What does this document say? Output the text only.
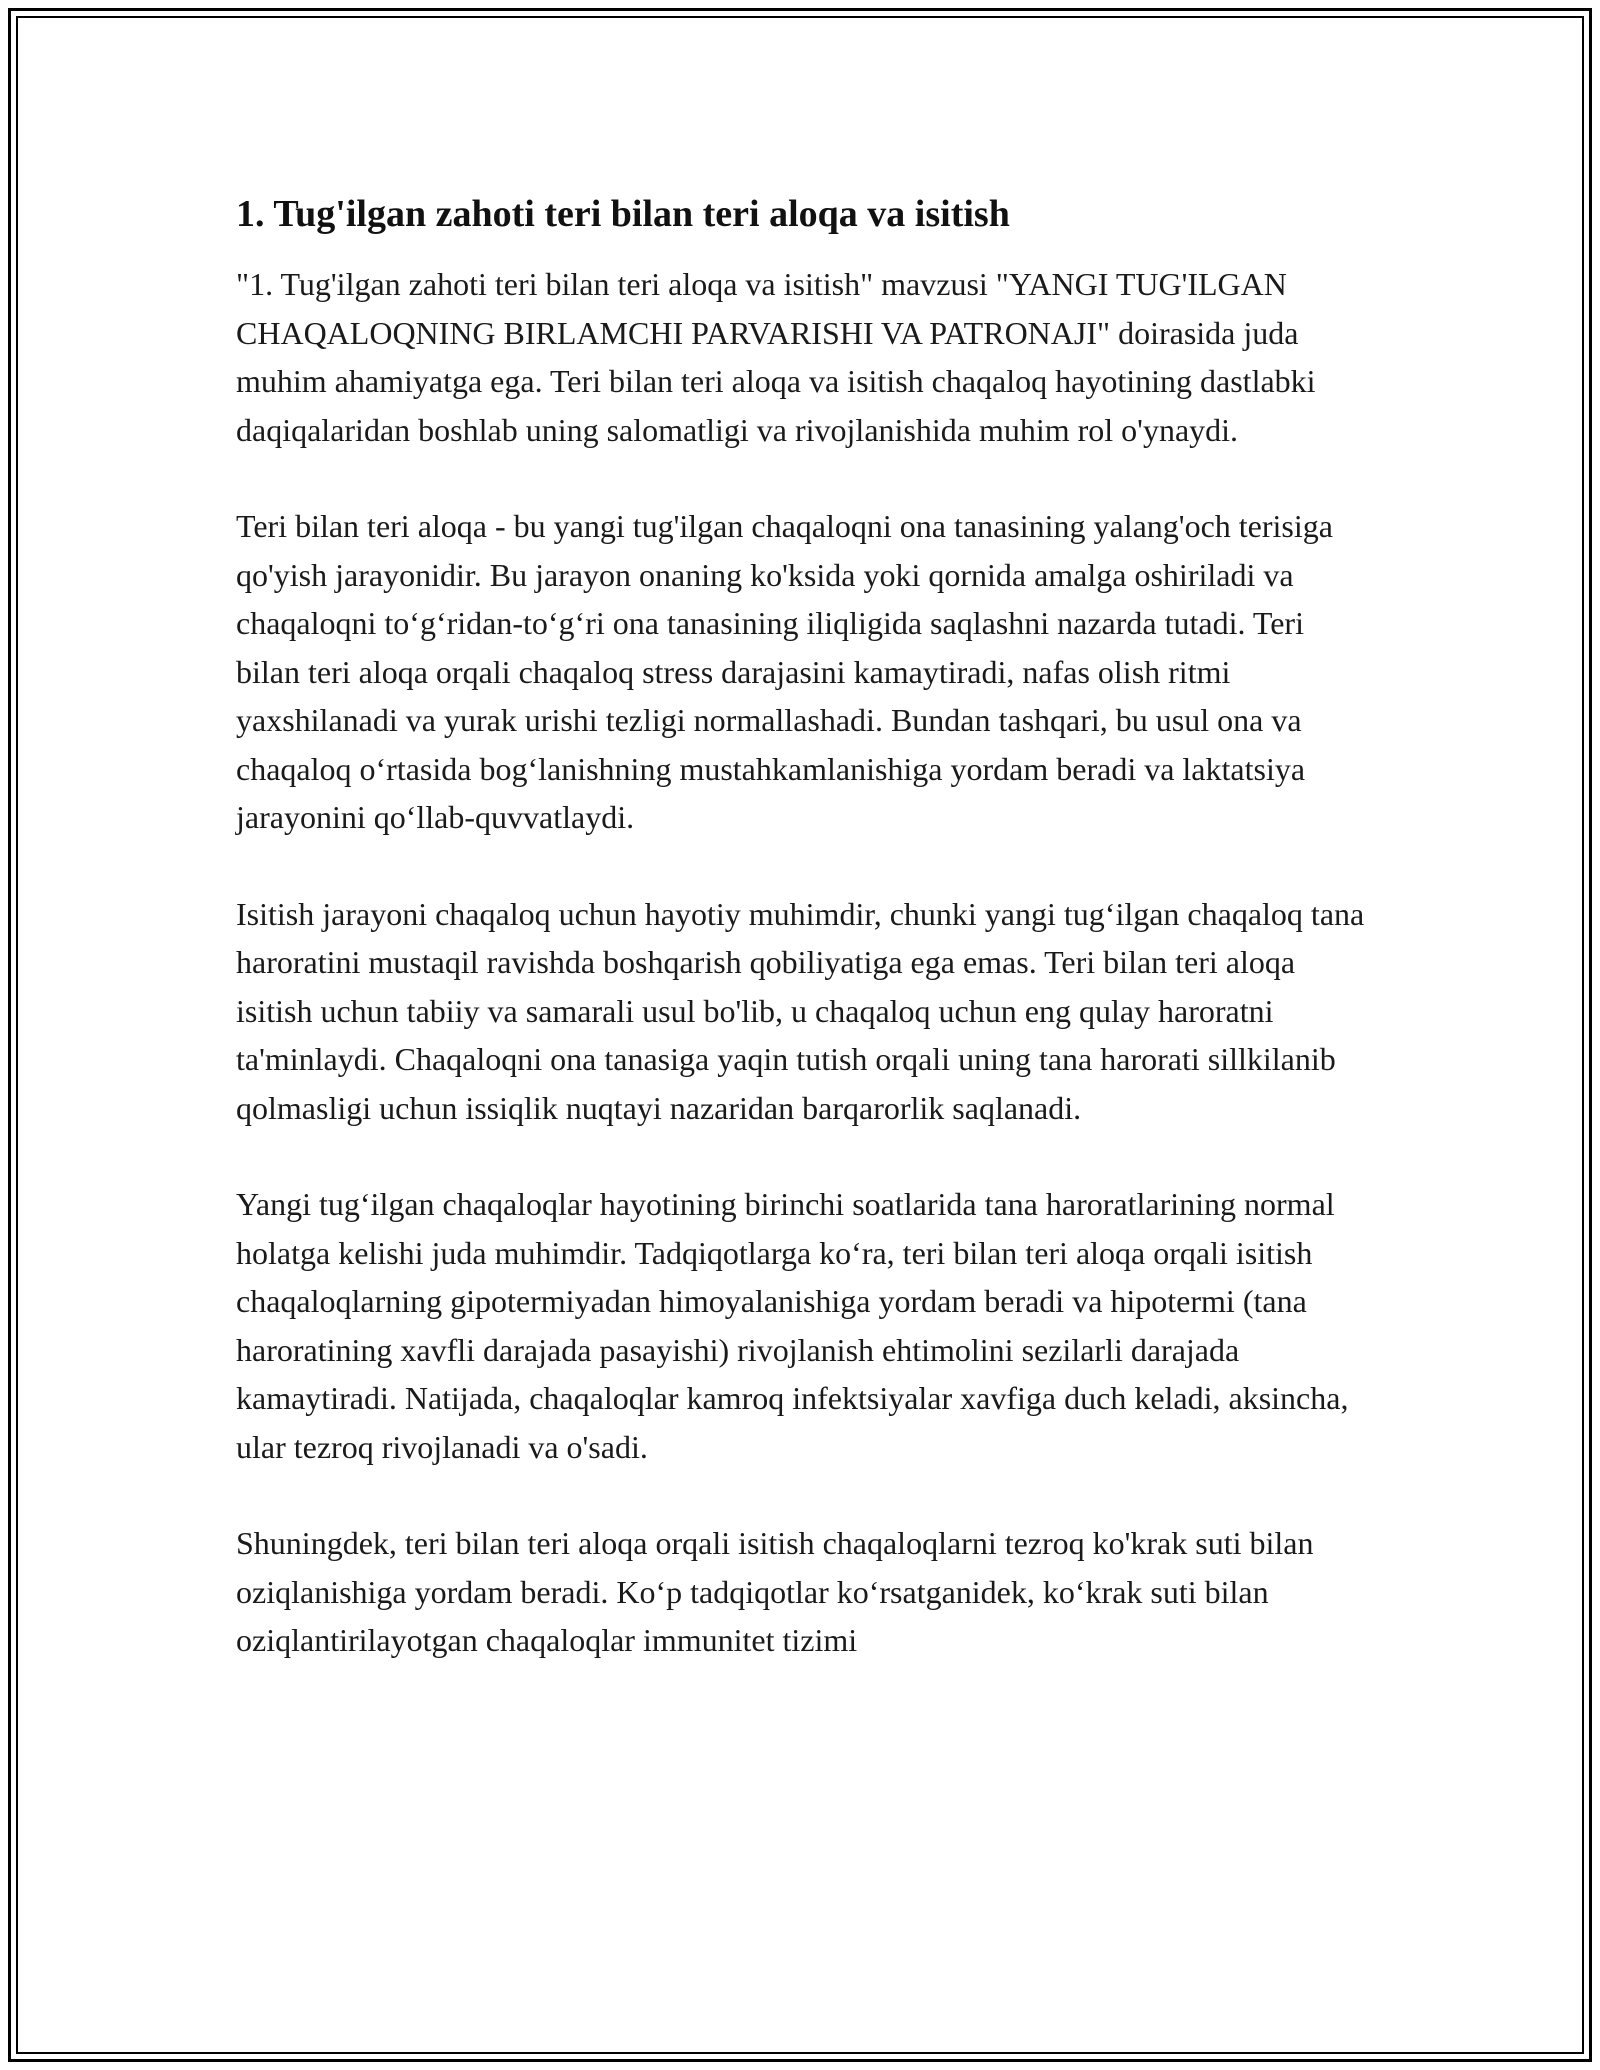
1. Tug'ilgan zahoti teri bilan teri aloqa va isitish

"1. Tug'ilgan zahoti teri bilan teri aloqa va isitish" mavzusi "YANGI TUG'ILGAN CHAQALOQNING BIRLAMCHI PARVARISHI VA PATRONAJI" doirasida juda muhim ahamiyatga ega. Teri bilan teri aloqa va isitish chaqaloq hayotining dastlabki daqiqalaridan boshlab uning salomatligi va rivojlanishida muhim rol o'ynaydi.

Teri bilan teri aloqa - bu yangi tug'ilgan chaqaloqni ona tanasining yalang'och terisiga qo'yish jarayonidir. Bu jarayon onaning ko'ksida yoki qornida amalga oshiriladi va chaqaloqni to‘g‘ridan-to‘g‘ri ona tanasining iliqligida saqlashni nazarda tutadi. Teri bilan teri aloqa orqali chaqaloq stress darajasini kamaytiradi, nafas olish ritmi yaxshilanadi va yurak urishi tezligi normallashadi. Bundan tashqari, bu usul ona va chaqaloq o‘rtasida bog‘lanishning mustahkamlanishiga yordam beradi va laktatsiya jarayonini qo‘llab-quvvatlaydi.

Isitish jarayoni chaqaloq uchun hayotiy muhimdir, chunki yangi tug‘ilgan chaqaloq tana haroratini mustaqil ravishda boshqarish qobiliyatiga ega emas. Teri bilan teri aloqa isitish uchun tabiiy va samarali usul bo'lib, u chaqaloq uchun eng qulay haroratni ta'minlaydi. Chaqaloqni ona tanasiga yaqin tutish orqali uning tana harorati sillkilanib qolmasligi uchun issiqlik nuqtayi nazaridan barqarorlik saqlanadi.

Yangi tug‘ilgan chaqaloqlar hayotining birinchi soatlarida tana haroratlarining normal holatga kelishi juda muhimdir. Tadqiqotlarga ko‘ra, teri bilan teri aloqa orqali isitish chaqaloqlarning gipotermiyadan himoyalanishiga yordam beradi va hipotermi (tana haroratining xavfli darajada pasayishi) rivojlanish ehtimolini sezilarli darajada kamaytiradi. Natijada, chaqaloqlar kamroq infektsiyalar xavfiga duch keladi, aksincha, ular tezroq rivojlanadi va o'sadi.

Shuningdek, teri bilan teri aloqa orqali isitish chaqaloqlarni tezroq ko'krak suti bilan oziqlanishiga yordam beradi. Ko‘p tadqiqotlar ko‘rsatganidek, ko‘krak suti bilan oziqlantirilayotgan chaqaloqlar immunitet tizimi
